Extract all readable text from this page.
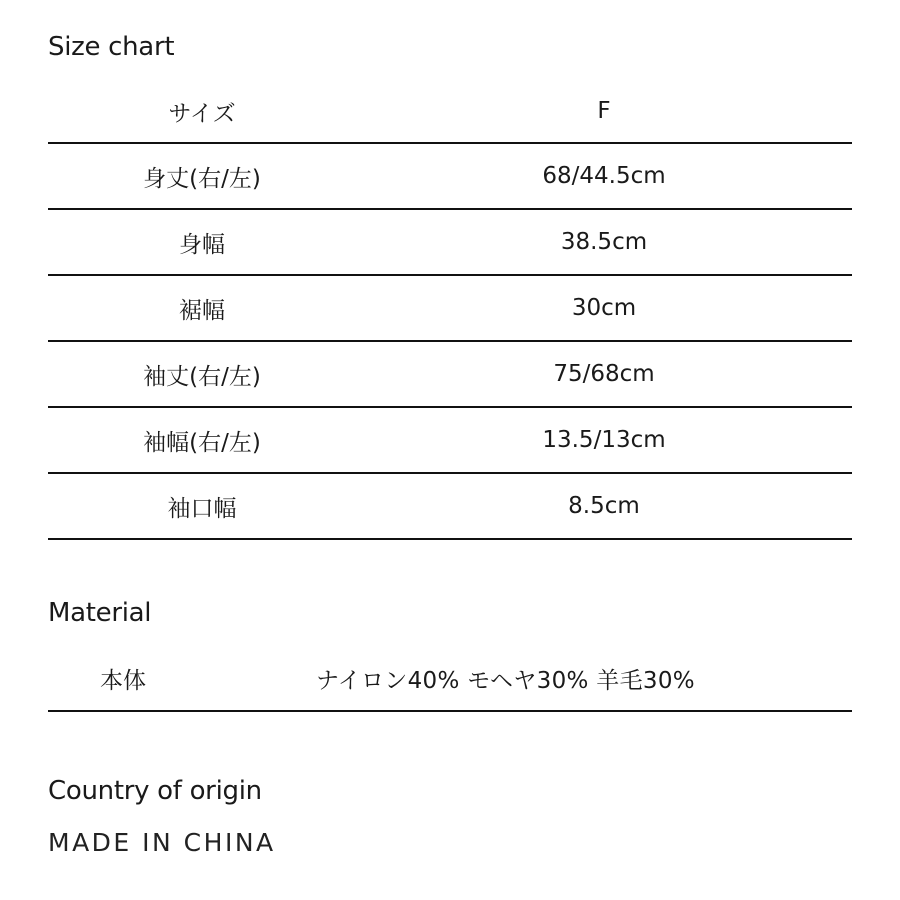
Size chart
サイズ	F
身丈(右/左)	68/44.5cm
身幅	38.5cm
裾幅	30cm
袖丈(右/左)	75/68cm
袖幅(右/左)	13.5/13cm
袖口幅	8.5cm
Material
本体	ナイロン40% モヘヤ30% 羊毛30%
Country of origin
MADE IN CHINA
